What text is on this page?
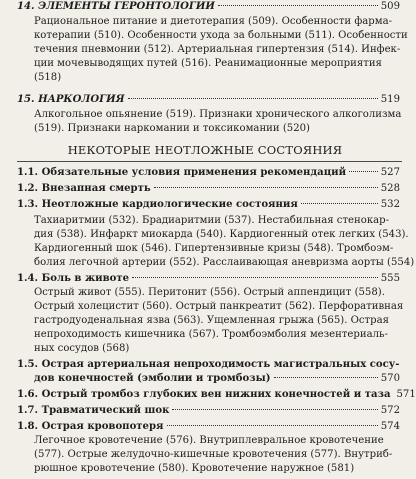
14. ЭЛЕМЕНТЫ ГЕРОНТОЛОГИИ	509
Рациональное питание и диетотерапия (509). Особенности фарма-
котерапии (510). Особенности ухода за больными (511). Особенности
течения пневмонии (512). Артериальная гипертензия (514). Инфек-
ции мочевыводящих путей (516). Реанимационные мероприятия
(518)
15. НАРКОЛОГИЯ	519
Алкогольное опьянение (519). Признаки хронического алкоголизма
(519). Признаки наркомании и токсикомании (520)
НЕКОТОРЫЕ НЕОТЛОЖНЫЕ СОСТОЯНИЯ
1.1. Обязательные условия применения рекомендаций	527
1.2. Внезапная смерть	528
1.3. Неотложные кардиологические состояния	532
Тахиаритмии (532). Брадиаритмии (537). Нестабильная стенокар-
дия (538). Инфаркт миокарда (540). Кардиогенный отек легких (543).
Кардиогенный шок (546). Гипертензивные кризы (548). Тромбоэм-
болия легочной артерии (552). Расслаивающая аневризма аорты (554)
1.4. Боль в животе	555
Острый живот (555). Перитонит (556). Острый аппендицит (558).
Острый холецистит (560). Острый панкреатит (562). Перфоративная
гастродуоденальная язва (563). Ущемленная грыжа (565). Острая
непроходимость кишечника (567). Тромбоэмболия мезентериаль-
ных сосудов (568)
1.5. Острая артериальная непроходимость магистральных сосу-
дов конечностей (эмболии и тромбозы)	570
1.6. Острый тромбоз глубоких вен нижних конечностей и таза 571
1.7. Травматический шок	572
1.8. Острая кровопотеря	574
Легочное кровотечение (576). Внутриплевральное кровотечение
(577). Острые желудочно-кишечные кровотечения (577). Внутриб-
рюшное кровотечение (580). Кровотечение наружное (581)
